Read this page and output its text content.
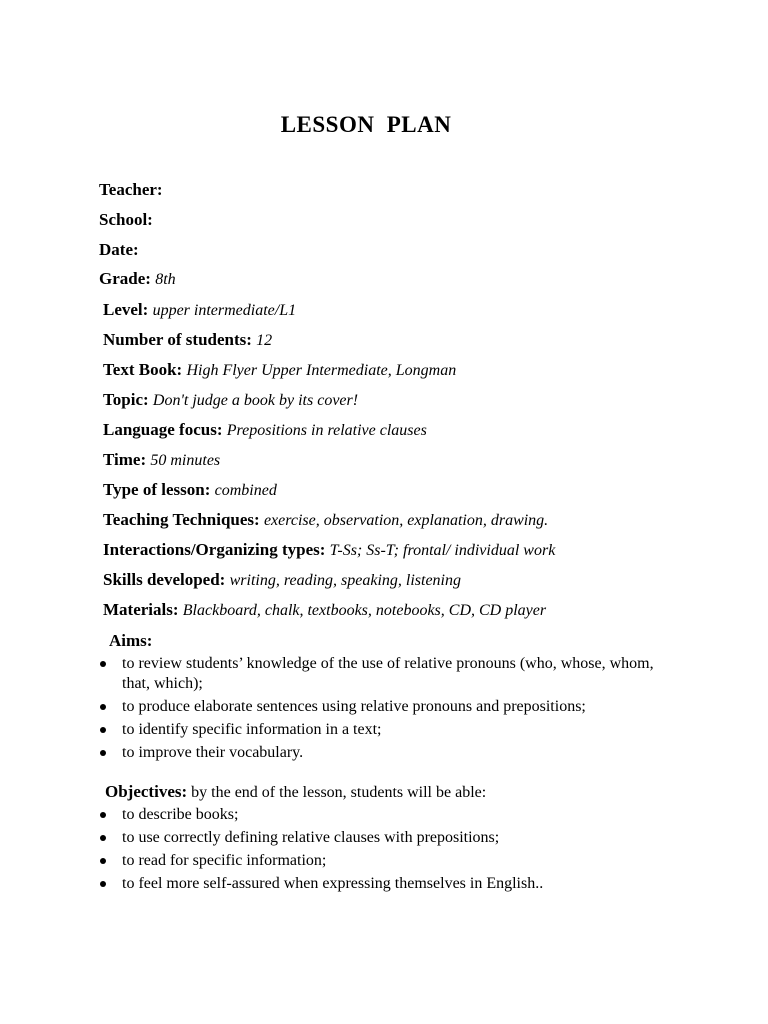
LESSON PLAN
Teacher:
School:
Date:
Grade: 8th
Level: upper intermediate/L1
Number of students: 12
Text Book: High Flyer Upper Intermediate, Longman
Topic: Don't judge a book by its cover!
Language focus: Prepositions in relative clauses
Time: 50 minutes
Type of lesson: combined
Teaching Techniques: exercise, observation, explanation, drawing.
Interactions/Organizing types: T-Ss; Ss-T; frontal/ individual work
Skills developed: writing, reading, speaking, listening
Materials: Blackboard, chalk, textbooks, notebooks, CD, CD player
Aims:
to review students’ knowledge of the use of relative pronouns (who, whose, whom, that, which);
to produce elaborate sentences using relative pronouns and prepositions;
to identify specific information in a text;
to improve their vocabulary.
Objectives: by the end of the lesson, students will be able:
to describe books;
to use correctly defining relative clauses with prepositions;
to read for specific information;
to feel more self-assured when expressing themselves in English..
